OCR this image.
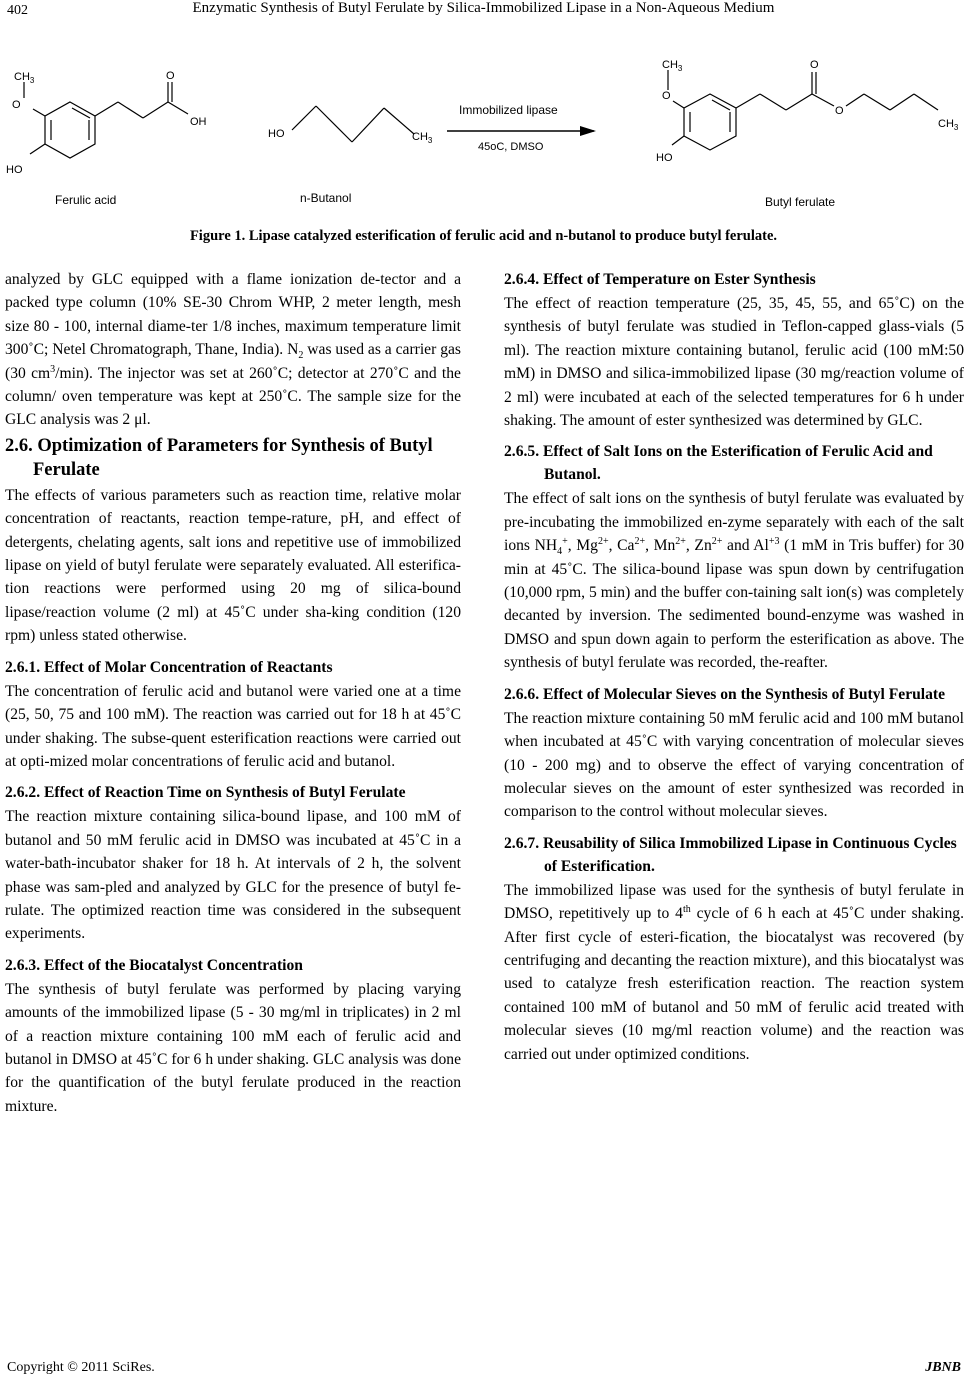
402	Enzymatic Synthesis of Butyl Ferulate by Silica-Immobilized Lipase in a Non-Aqueous Medium
$CH_3$
O
O
OH
HO
Ferulic acid
HO	$CH_3$
n-Butanol
Immobilized lipase
45oC, DMSO
$CH_3$
O
O
O
HO
$CH_3$
Butyl ferulate
Figure 1. Lipase catalyzed esterification of ferulic acid and n-butanol to produce butyl ferulate.

analyzed by GLC equipped with a flame ionization de-tector and a packed type column (10% SE-30 Chrom WHP, 2 meter length, mesh size 80 - 100, internal diame-ter 1/8 inches, maximum temperature limit 300˚C; Netel Chromatograph, Thane, India). $N_2$ was used as a carrier gas (30 $cm^3/\min$). The injector was set at 260˚C; detector at 270˚C and the column/ oven temperature was kept at 250˚C. The sample size for the GLC analysis was 2 μl.

2.6. Optimization of Parameters for Synthesis of Butyl Ferulate

The effects of various parameters such as reaction time, relative molar concentration of reactants, reaction tempe-rature, pH, and effect of detergents, chelating agents, salt ions and repetitive use of immobilized lipase on yield of butyl ferulate were separately evaluated. All esterifica-tion reactions were performed using 20 mg of silica-bound lipase/reaction volume (2 ml) at 45˚C under sha-king condition (120 rpm) unless stated otherwise.

2.6.1. Effect of Molar Concentration of Reactants

The concentration of ferulic acid and butanol were varied one at a time (25, 50, 75 and 100 mM). The reaction was carried out for 18 h at 45˚C under shaking. The subse-quent esterification reactions were carried out at opti-mized molar concentrations of ferulic acid and butanol.

2.6.2. Effect of Reaction Time on Synthesis of Butyl Ferulate

The reaction mixture containing silica-bound lipase, and 100 mM of butanol and 50 mM ferulic acid in DMSO was incubated at 45˚C in a water-bath-incubator shaker for 18 h. At intervals of 2 h, the solvent phase was sam-pled and analyzed by GLC for the presence of butyl fe-rulate. The optimized reaction time was considered in the subsequent experiments.

2.6.3. Effect of the Biocatalyst Concentration

The synthesis of butyl ferulate was performed by placing varying amounts of the immobilized lipase (5 - 30 mg/ml in triplicates) in 2 ml of a reaction mixture containing 100 mM each of ferulic acid and butanol in DMSO at 45˚C for 6 h under shaking. GLC analysis was done for the quantification of the butyl ferulate produced in the reaction mixture.

2.6.4. Effect of Temperature on Ester Synthesis

The effect of reaction temperature (25, 35, 45, 55, and 65˚C) on the synthesis of butyl ferulate was studied in Teflon-capped glass-vials (5 ml). The reaction mixture containing butanol, ferulic acid (100 mM:50 mM) in DMSO and silica-immobilized lipase (30 mg/reaction volume of 2 ml) were incubated at each of the selected temperatures for 6 h under shaking. The amount of ester synthesized was determined by GLC.

2.6.5. Effect of Salt Ions on the Esterification of Ferulic Acid and Butanol.

The effect of salt ions on the synthesis of butyl ferulate was evaluated by pre-incubating the immobilized en-zyme separately with each of the salt ions $NH_4^+$, $Mg^{2+}$, $Ca^{2+}$, $Mn^{2+}$, $Zn^{2+}$ and $Al^{+3}$ (1 mM in Tris buffer) for 30 min at 45˚C. The silica-bound lipase was spun down by centrifugation (10,000 rpm, 5 min) and the buffer con-taining salt ion(s) was completely decanted by inversion. The sedimented bound-enzyme was washed in DMSO and spun down again to perform the esterification as above. The synthesis of butyl ferulate was recorded, the-reafter.

2.6.6. Effect of Molecular Sieves on the Synthesis of Butyl Ferulate

The reaction mixture containing 50 mM ferulic acid and 100 mM butanol when incubated at 45˚C with varying concentration of molecular sieves (10 - 200 mg) and to observe the effect of varying concentration of molecular sieves on the amount of ester synthesized was recorded in comparison to the control without molecular sieves.

2.6.7. Reusability of Silica Immobilized Lipase in Continuous Cycles of Esterification.

The immobilized lipase was used for the synthesis of butyl ferulate in DMSO, repetitively up to 4th cycle of 6 h each at 45˚C under shaking. After first cycle of esteri-fication, the biocatalyst was recovered (by centrifuging and decanting the reaction mixture), and this biocatalyst was used to catalyze fresh esterification reaction. The reaction system contained 100 mM of butanol and 50 mM of ferulic acid treated with molecular sieves (10 mg/ml reaction volume) and the reaction was carried out under optimized conditions.

Copyright © 2011 SciRes.	JBNB
